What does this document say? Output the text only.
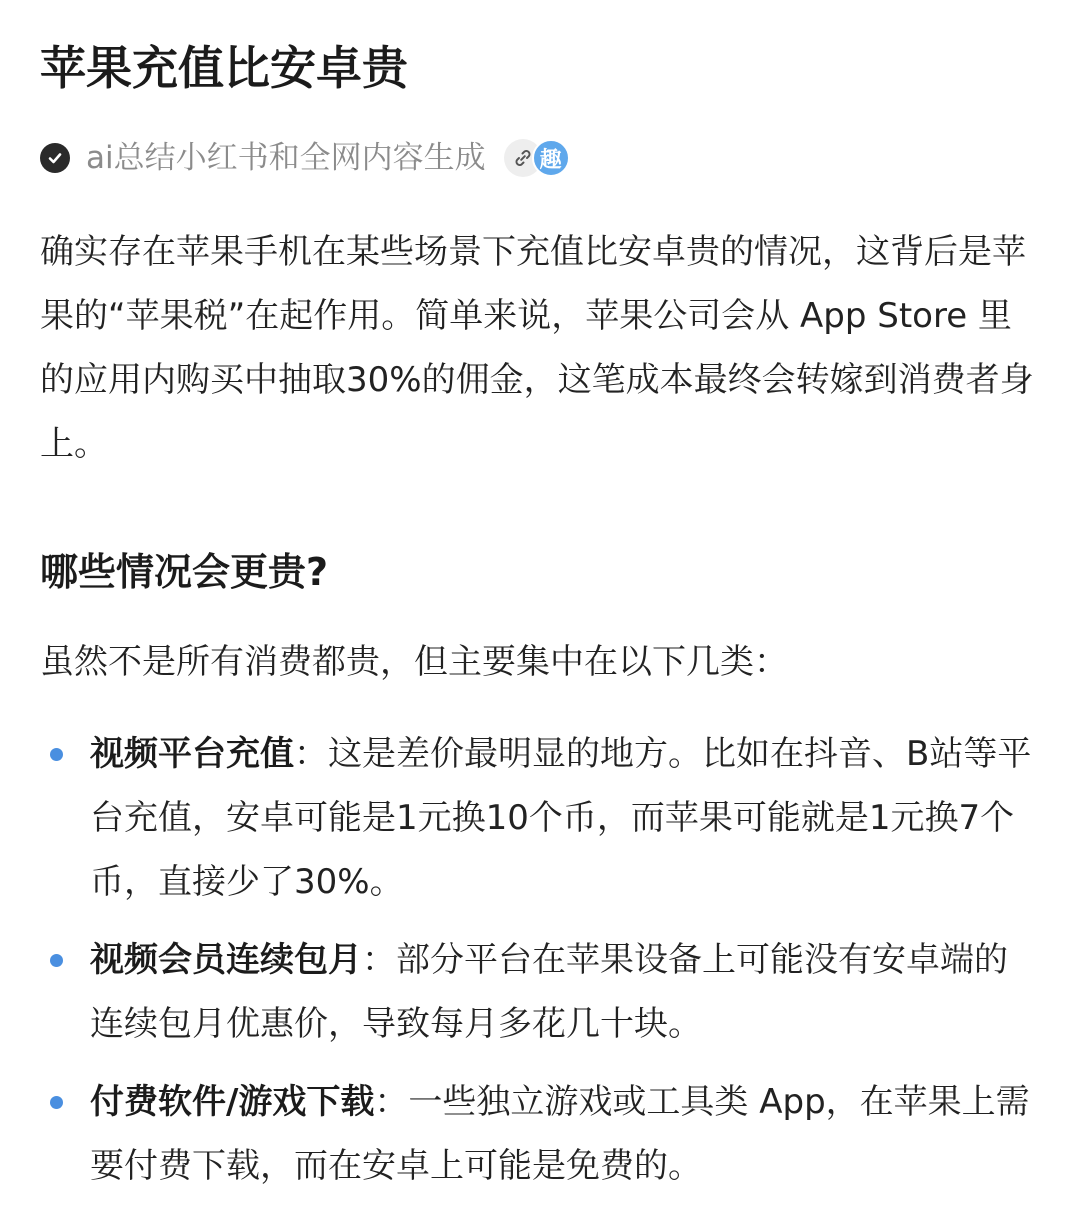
苹果充值比安卓贵
ai总结小红书和全网内容生成	趣

确实存在苹果手机在某些场景下充值比安卓贵的情况，这背后是苹果的“苹果税”在起作用。简单来说，苹果公司会从 App Store 里的应用内购买中抽取30%的佣金，这笔成本最终会转嫁到消费者身上。

哪些情况会更贵?

虽然不是所有消费都贵，但主要集中在以下几类：

视频平台充值：这是差价最明显的地方。比如在抖音、B站等平台充值，安卓可能是1元换10个币，而苹果可能就是1元换7个币，直接少了30%。
视频会员连续包月：部分平台在苹果设备上可能没有安卓端的连续包月优惠价，导致每月多花几十块。
付费软件/游戏下载：一些独立游戏或工具类 App，在苹果上需要付费下载，而在安卓上可能是免费的。
